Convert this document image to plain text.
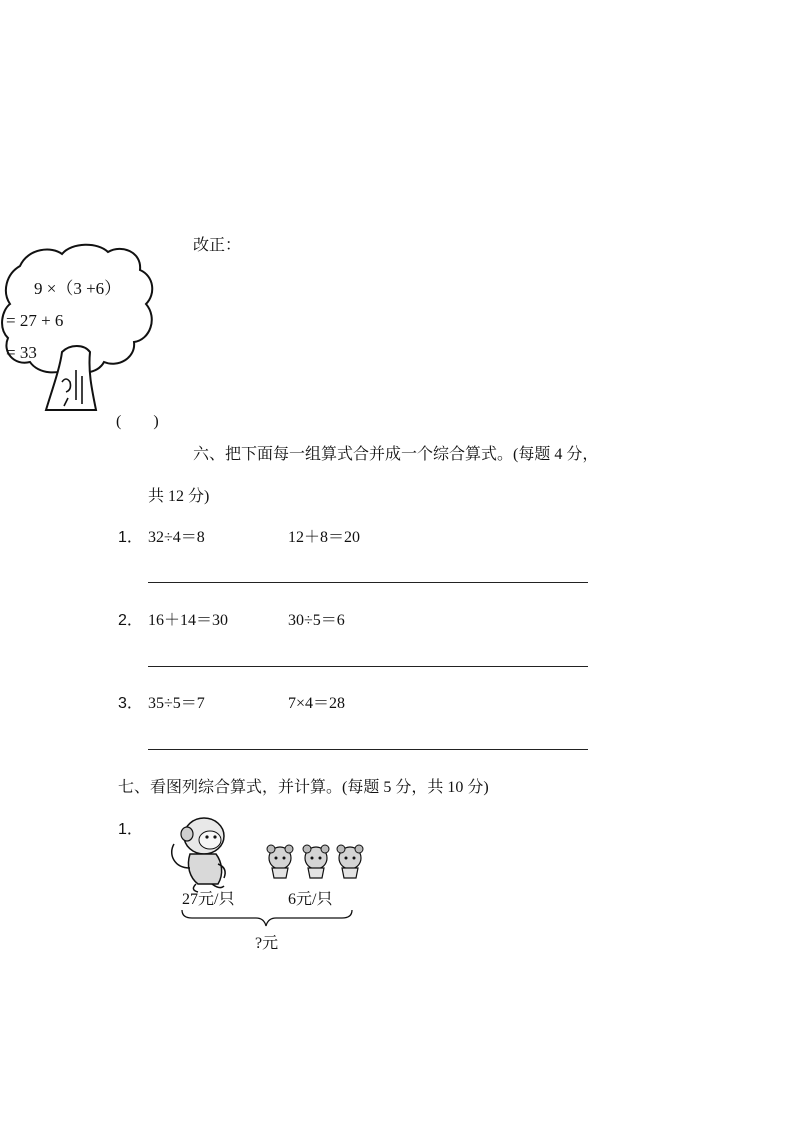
改正：
9 ×（3 +6）
= 27 + 6
= 33
(　　)
六、把下面每一组算式合并成一个综合算式。(每题 4 分，
共 12 分)
1． 32÷4＝8	12＋8＝20
2． 16＋14＝30	30÷5＝6
3． 35÷5＝7	7×4＝28
七、看图列综合算式，并计算。(每题 5 分，共 10 分)
1．
27元/只	6元/只
?元
